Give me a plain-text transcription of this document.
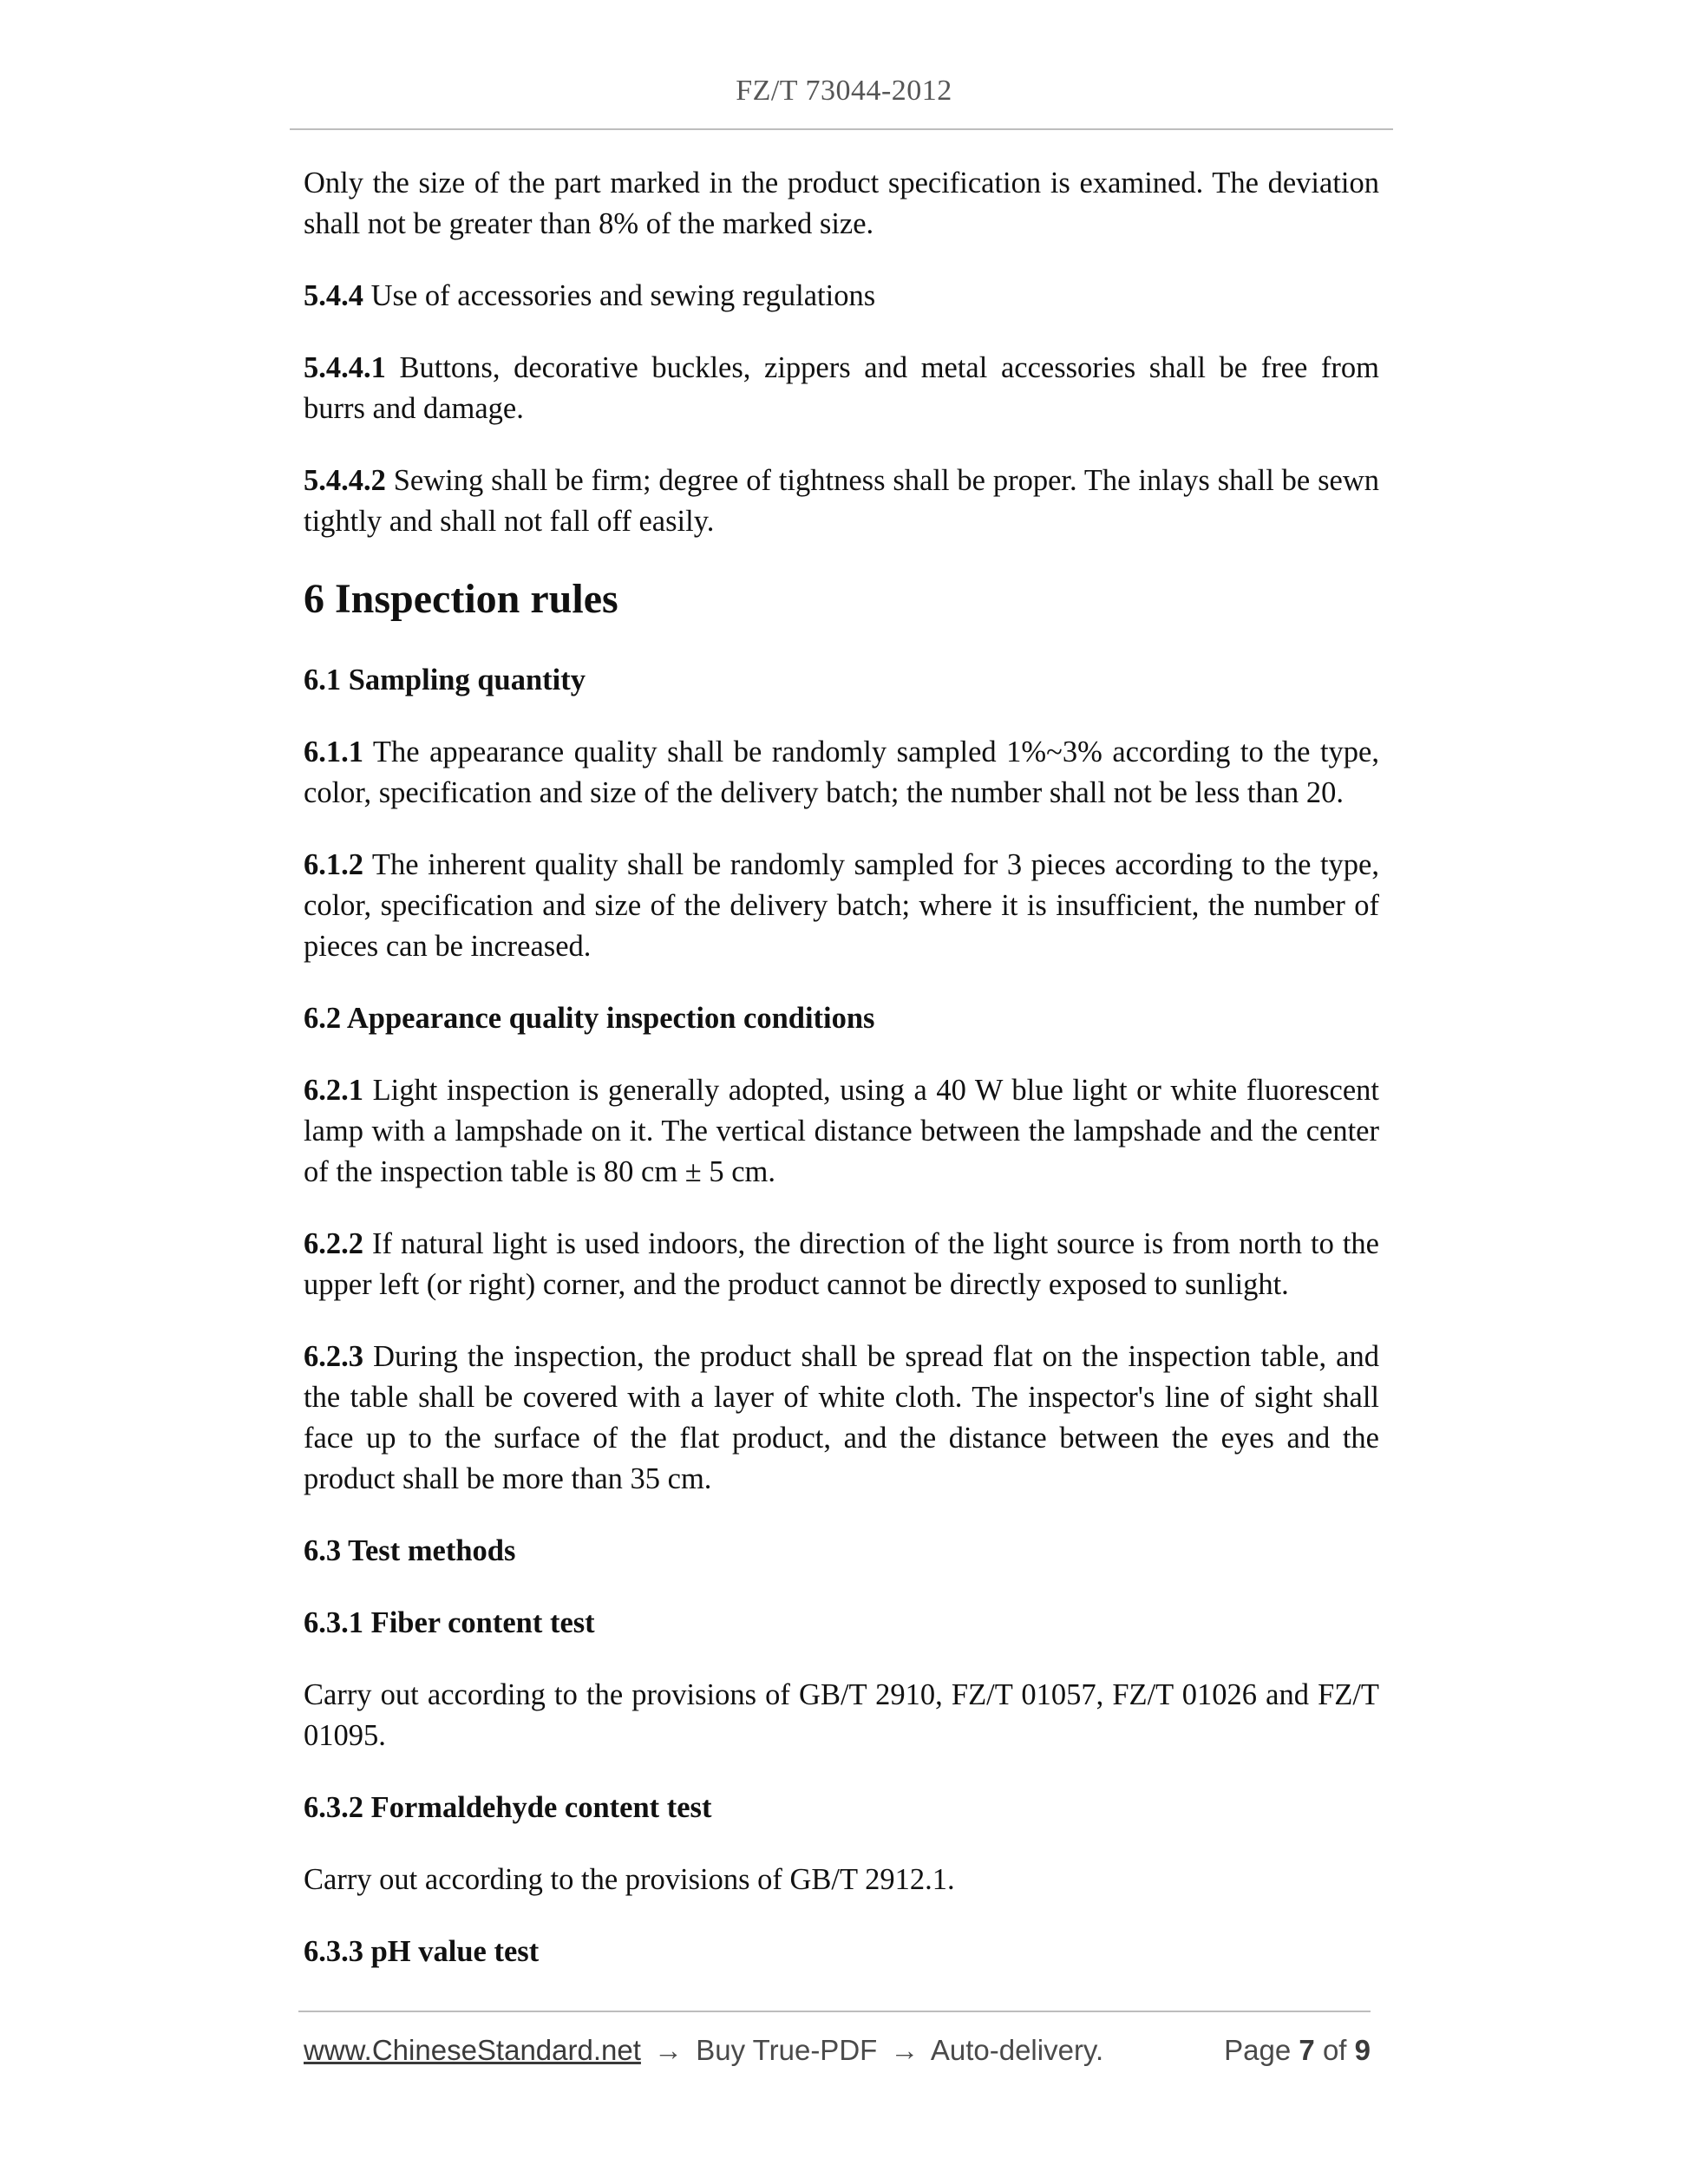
FZ/T 73044-2012

Only the size of the part marked in the product specification is examined. The deviation shall not be greater than 8% of the marked size.

5.4.4 Use of accessories and sewing regulations

5.4.4.1 Buttons, decorative buckles, zippers and metal accessories shall be free from burrs and damage.

5.4.4.2 Sewing shall be firm; degree of tightness shall be proper. The inlays shall be sewn tightly and shall not fall off easily.

6 Inspection rules
6.1 Sampling quantity

6.1.1 The appearance quality shall be randomly sampled 1%~3% according to the type, color, specification and size of the delivery batch; the number shall not be less than 20.

6.1.2 The inherent quality shall be randomly sampled for 3 pieces according to the type, color, specification and size of the delivery batch; where it is insufficient, the number of pieces can be increased.

6.2 Appearance quality inspection conditions

6.2.1 Light inspection is generally adopted, using a 40 W blue light or white fluorescent lamp with a lampshade on it. The vertical distance between the lampshade and the center of the inspection table is 80 cm ± 5 cm.

6.2.2 If natural light is used indoors, the direction of the light source is from north to the upper left (or right) corner, and the product cannot be directly exposed to sunlight.

6.2.3 During the inspection, the product shall be spread flat on the inspection table, and the table shall be covered with a layer of white cloth. The inspector's line of sight shall face up to the surface of the flat product, and the distance between the eyes and the product shall be more than 35 cm.

6.3 Test methods
6.3.1 Fiber content test

Carry out according to the provisions of GB/T 2910, FZ/T 01057, FZ/T 01026 and FZ/T 01095.

6.3.2 Formaldehyde content test

Carry out according to the provisions of GB/T 2912.1.

6.3.3 pH value test
www.ChineseStandard.net → Buy True-PDF → Auto-delivery.	Page 7 of 9
